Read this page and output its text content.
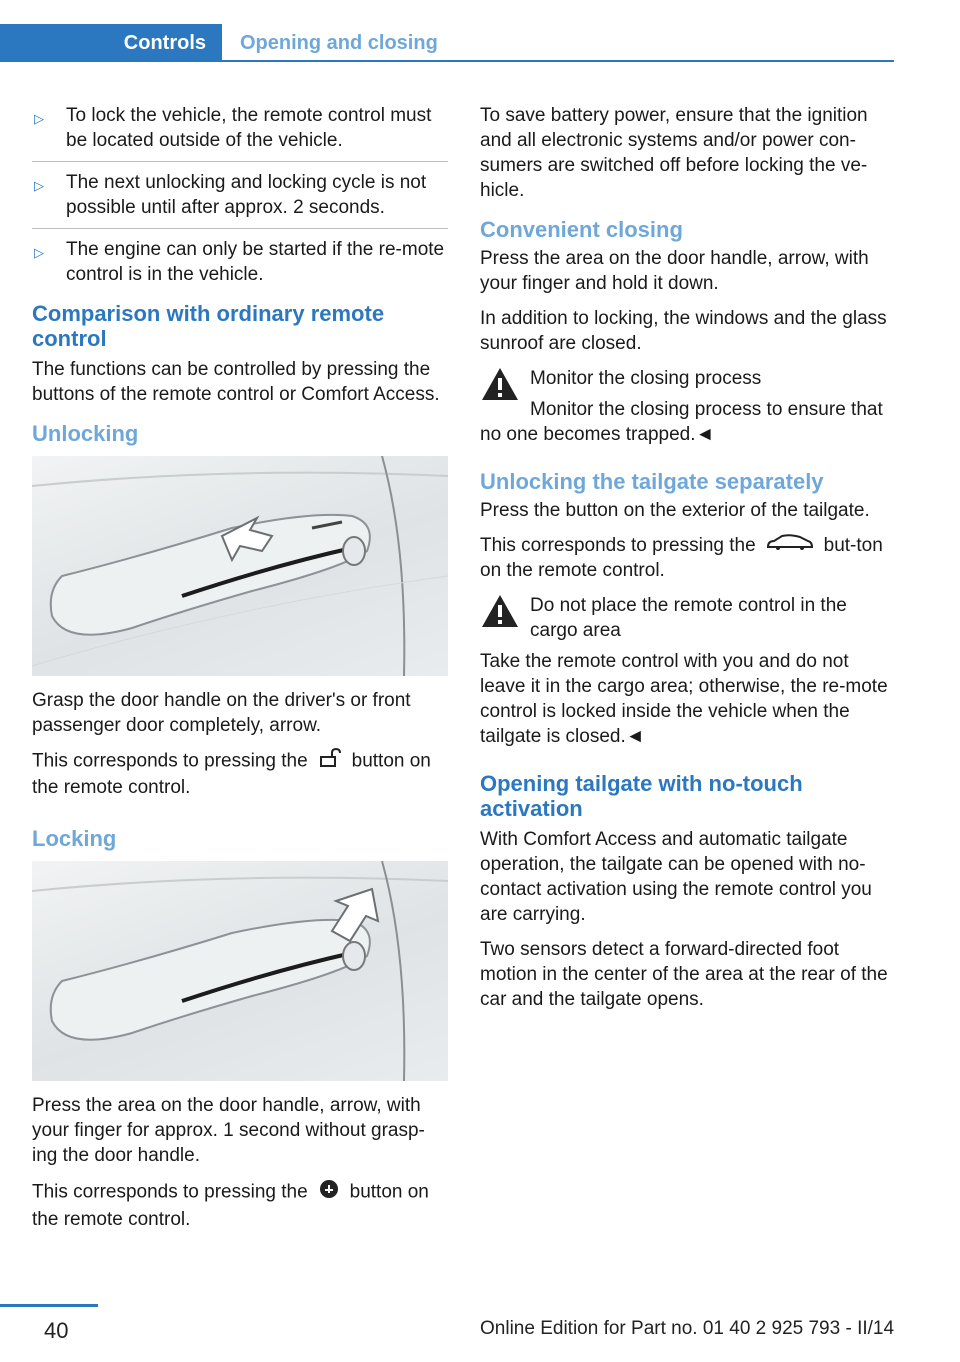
Controls Opening and closing
▷ To lock the vehicle, the remote control must be located outside of the vehicle.
▷ The next unlocking and locking cycle is not possible until after approx. 2 seconds.
▷ The engine can only be started if the re‐mote control is in the vehicle.
Comparison with ordinary remote control

The functions can be controlled by pressing the buttons of the remote control or Comfort Access.

Unlocking

Grasp the door handle on the driver's or front passenger door completely, arrow.

This corresponds to pressing the button on the remote control.

Locking

Press the area on the door handle, arrow, with your finger for approx. 1 second without grasp‐ing the door handle.

This corresponds to pressing the button on the remote control.

To save battery power, ensure that the ignition and all electronic systems and/or power con‐sumers are switched off before locking the ve‐hicle.

Convenient closing

Press the area on the door handle, arrow, with your finger and hold it down.

In addition to locking, the windows and the glass sunroof are closed.

Monitor the closing process
Monitor the closing process to ensure that no one becomes trapped.◄
Unlocking the tailgate separately

Press the button on the exterior of the tailgate.

This corresponds to pressing the	but‐ton on the remote control.

Do not place the remote control in the cargo area
Take the remote control with you and do not leave it in the cargo area; otherwise, the re‐mote control is locked inside the vehicle when the tailgate is closed.◄
Opening tailgate with no‐touch activation

With Comfort Access and automatic tailgate operation, the tailgate can be opened with no‐contact activation using the remote control you are carrying.

Two sensors detect a forward-directed foot motion in the center of the area at the rear of the car and the tailgate opens.

40	Online Edition for Part no. 01 40 2 925 793 - II/14
